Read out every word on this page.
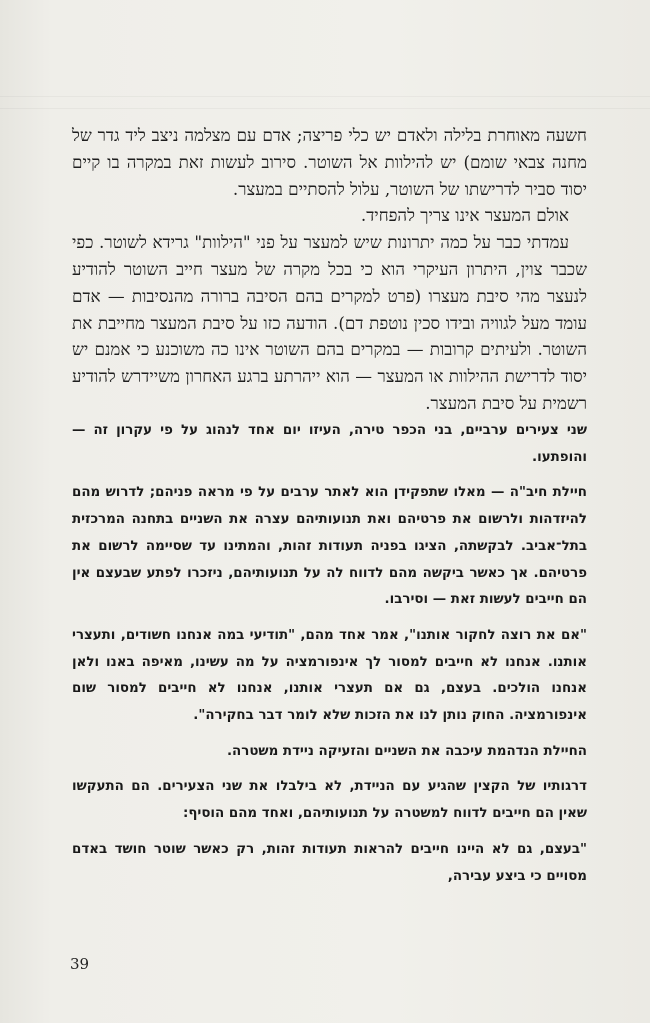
חשעה מאוחרת בלילה ולאדם יש כלי פריצה; אדם עם מצלמה ניצב ליד גדר של מחנה צבאי שומם) יש להילוות אל השוטר. סירוב לעשות זאת במקרה בו קיים יסוד סביר לדרישתו של השוטר, עלול להסתיים במעצר.

אולם המעצר אינו צריך להפחיד.

עמדתי כבר על כמה יתרונות שיש למעצר על פני "הילוות" גרידא לשוטר. כפי שכבר צוין, היתרון העיקרי הוא כי בכל מקרה של מעצר חייב השוטר להודיע לנעצר מהי סיבת מעצרו (פרט למקרים בהם הסיבה ברורה מהנסיבות — אדם עומד מעל לגוויה ובידו סכין נוטפת דם). הודעה כזו על סיבת המעצר מחייבת את השוטר. ולעיתים קרובות — במקרים בהם השוטר אינו כה משוכנע כי אמנם יש יסוד לדרישת ההילוות או המעצר — הוא ייהרתע ברגע האחרון משיידרש להודיע רשמית על סיבת המעצר.

שני צעירים ערביים, בני הכפר טירה, העיזו יום אחד לנהוג על פי עקרון זה — והופתעו.

חיילת חיב"ה — מאלו שתפקידן הוא לאתר ערבים על פי מראה פניהם; לדרוש מהם להיזדהות ולרשום את פרטיהם ואת תנועותיהם עצרה את השניים בתחנה המרכזית בתל־אביב. לבקשתה, הציגו בפניה תעודות זהות, והמתינו עד שסיימה לרשום את פרטיהם. אך כאשר ביקשה מהם לדווח לה על תנועותיהם, ניזכרו לפתע שבעצם אין הם חייבים לעשות זאת — וסירבו.

"אם את רוצה לחקור אותנו", אמר אחד מהם, "תודיעי במה אנחנו חשודים, ותעצרי אותנו. אנחנו לא חייבים למסור לך אינפורמציה על מה עשינו, מאיפה באנו ולאן אנחנו הולכים. בעצם, גם אם תעצרי אותנו, אנחנו לא חייבים למסור שום אינפורמציה. החוק נותן לנו את הזכות שלא לומר דבר בחקירה".

החיילת הנדהמת עיכבה את השניים והזעיקה ניידת משטרה.

דרגותיו של הקצין שהגיע עם הניידת, לא בילבלו את שני הצעירים. הם התעקשו שאין הם חייבים לדווח למשטרה על תנועותיהם, ואחד מהם הוסיף:

"בעצם, גם לא היינו חייבים להראות תעודות זהות, רק כאשר שוטר חושד באדם מסויים כי ביצע עבירה,

39
